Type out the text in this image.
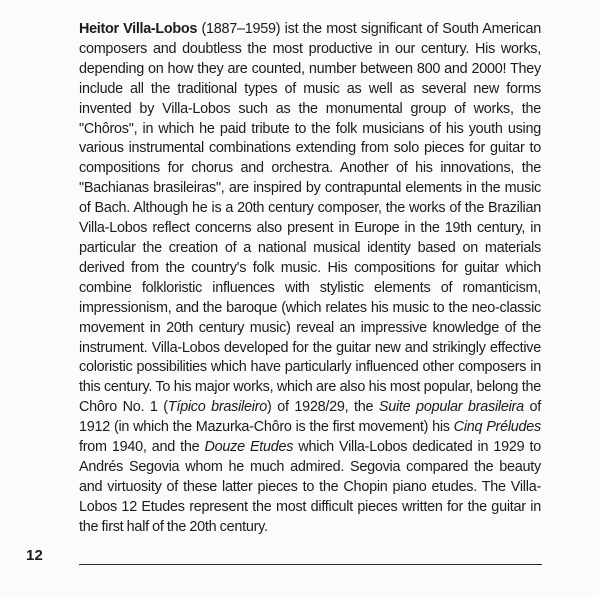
Heitor Villa-Lobos (1887–1959) ist the most significant of South American composers and doubtless the most productive in our century. His works, depending on how they are counted, number between 800 and 2000! They include all the traditional types of music as well as several new forms invented by Villa-Lobos such as the monumental group of works, the "Chôros", in which he paid tribute to the folk musicians of his youth using various instrumental combinations extending from solo pieces for guitar to compositions for chorus and orchestra. Another of his innovations, the "Bachianas brasileiras", are inspired by contrapuntal elements in the music of Bach. Although he is a 20th century composer, the works of the Brazilian Villa-Lobos reflect concerns also present in Europe in the 19th century, in particular the creation of a national musical identity based on materials derived from the country's folk music. His compositions for guitar which combine folkloristic influences with stylistic elements of romanticism, impressionism, and the baroque (which relates his music to the neo-classic movement in 20th century music) reveal an impressive knowledge of the instrument. Villa-Lobos developed for the guitar new and strikingly effective coloristic possibilities which have particularly influenced other composers in this century. To his major works, which are also his most popular, belong the Chôro No. 1 (Típico brasileiro) of 1928/29, the Suite popular brasileira of 1912 (in which the Mazurka-Chôro is the first movement) his Cinq Préludes from 1940, and the Douze Etudes which Villa-Lobos dedicated in 1929 to Andrés Segovia whom he much admired. Segovia compared the beauty and virtuosity of these latter pieces to the Chopin piano etudes. The Villa-Lobos 12 Etudes represent the most difficult pieces written for the guitar in the first half of the 20th century.

12
